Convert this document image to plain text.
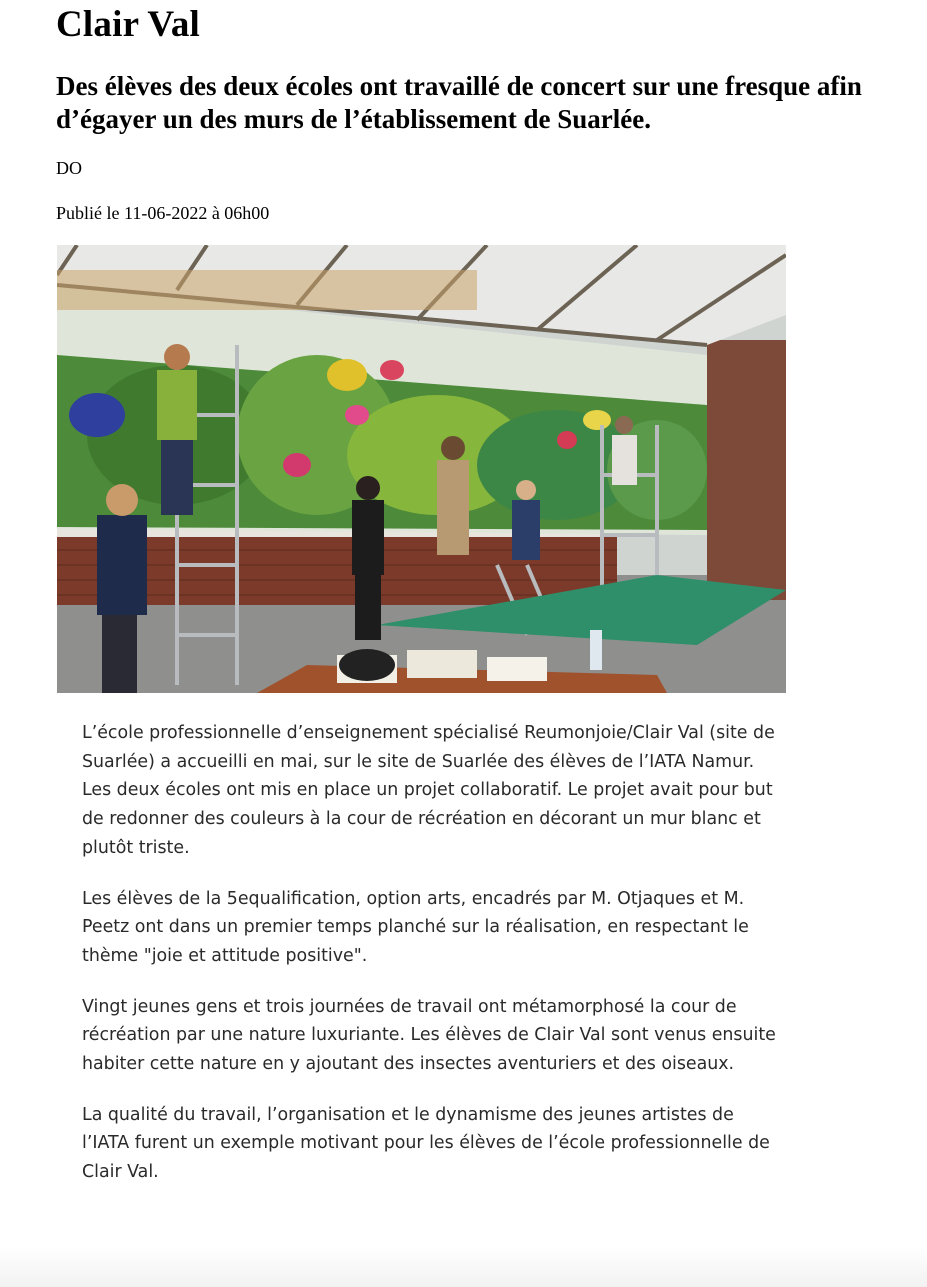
Clair Val
Des élèves des deux écoles ont travaillé de concert sur une fresque afin d’égayer un des murs de l’établissement de Suarlée.
DO
Publié le 11-06-2022 à 06h00

L’école professionnelle d’enseignement spécialisé Reumonjoie/Clair Val (site de Suarlée) a accueilli en mai, sur le site de Suarlée des élèves de l’IATA Namur. Les deux écoles ont mis en place un projet collaboratif. Le projet avait pour but de redonner des couleurs à la cour de récréation en décorant un mur blanc et plutôt triste.

Les élèves de la 5equalification, option arts, encadrés par M. Otjaques et M. Peetz ont dans un premier temps planché sur la réalisation, en respectant le thème "joie et attitude positive".

Vingt jeunes gens et trois journées de travail ont métamorphosé la cour de récréation par une nature luxuriante. Les élèves de Clair Val sont venus ensuite habiter cette nature en y ajoutant des insectes aventuriers et des oiseaux.

La qualité du travail, l’organisation et le dynamisme des jeunes artistes de l’IATA furent un exemple motivant pour les élèves de l’école professionnelle de Clair Val.
